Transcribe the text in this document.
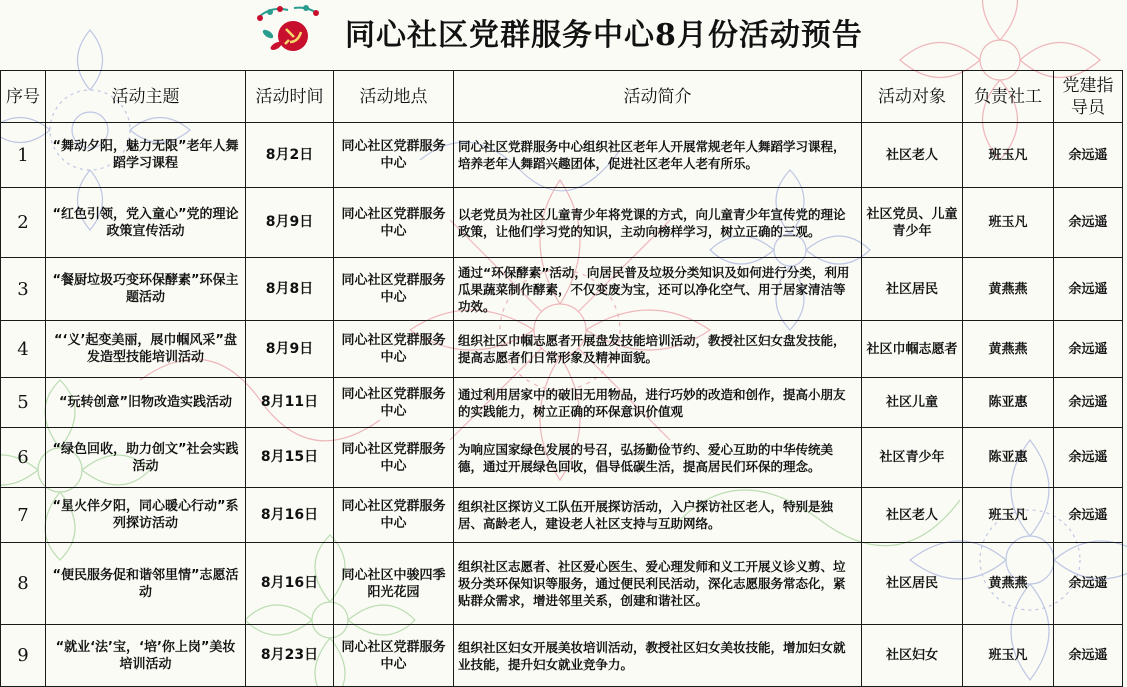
同心社区党群服务中心8月份活动预告
序号	活动主题	活动时间	活动地点	活动简介	活动对象	负责社工	党建指导员
1	“舞动夕阳，魅力无限”老年人舞蹈学习课程	8月2日	同心社区党群服务中心	同心社区党群服务中心组织社区老年人开展常规老年人舞蹈学习课程，培养老年人舞蹈兴趣团体，促进社区老年人老有所乐。	社区老人	班玉凡	余远遥
2	“红色引领，党入童心”党的理论政策宣传活动	8月9日	同心社区党群服务中心	以老党员为社区儿童青少年将党课的方式，向儿童青少年宣传党的理论政策，让他们学习党的知识，主动向榜样学习，树立正确的三观。	社区党员、儿童青少年	班玉凡	余远遥
3	“餐厨垃圾巧变环保酵素”环保主题活动	8月8日	同心社区党群服务中心	通过“环保酵素”活动，向居民普及垃圾分类知识及如何进行分类，利用瓜果蔬菜制作酵素，不仅变废为宝，还可以净化空气、用于居家清洁等功效。	社区居民	黄燕燕	余远遥
4	“‘义’起变美丽，展巾帼风采”盘发造型技能培训活动	8月9日	同心社区党群服务中心	组织社区巾帼志愿者开展盘发技能培训活动，教授社区妇女盘发技能，提高志愿者们日常形象及精神面貌。	社区巾帼志愿者	黄燕燕	余远遥
5	“玩转创意”旧物改造实践活动	8月11日	同心社区党群服务中心	通过利用居家中的破旧无用物品，进行巧妙的改造和创作，提高小朋友的实践能力，树立正确的环保意识价值观	社区儿童	陈亚惠	余远遥
6	“绿色回收，助力创文”社会实践活动	8月15日	同心社区党群服务中心	为响应国家绿色发展的号召，弘扬勤俭节约、爱心互助的中华传统美德，通过开展绿色回收，倡导低碳生活，提高居民们环保的理念。	社区青少年	陈亚惠	余远遥
7	“星火伴夕阳，同心暖心行动”系列探访活动	8月16日	同心社区党群服务中心	组织社区探访义工队伍开展探访活动，入户探访社区老人，特别是独居、高龄老人，建设老人社区支持与互助网络。	社区老人	班玉凡	余远遥
8	“便民服务促和谐邻里情”志愿活动	8月16日	同心社区中骏四季阳光花园	组织社区志愿者、社区爱心医生、爱心理发师和义工开展义诊义剪、垃圾分类环保知识等服务，通过便民利民活动，深化志愿服务常态化，紧贴群众需求，增进邻里关系，创建和谐社区。	社区居民	黄燕燕	余远遥
9	“就业‘法’宝，‘培’你上岗”美妆培训活动	8月23日	同心社区党群服务中心	组织社区妇女开展美妆培训活动，教授社区妇女美妆技能，增加妇女就业技能，提升妇女就业竞争力。	社区妇女	班玉凡	余远遥
